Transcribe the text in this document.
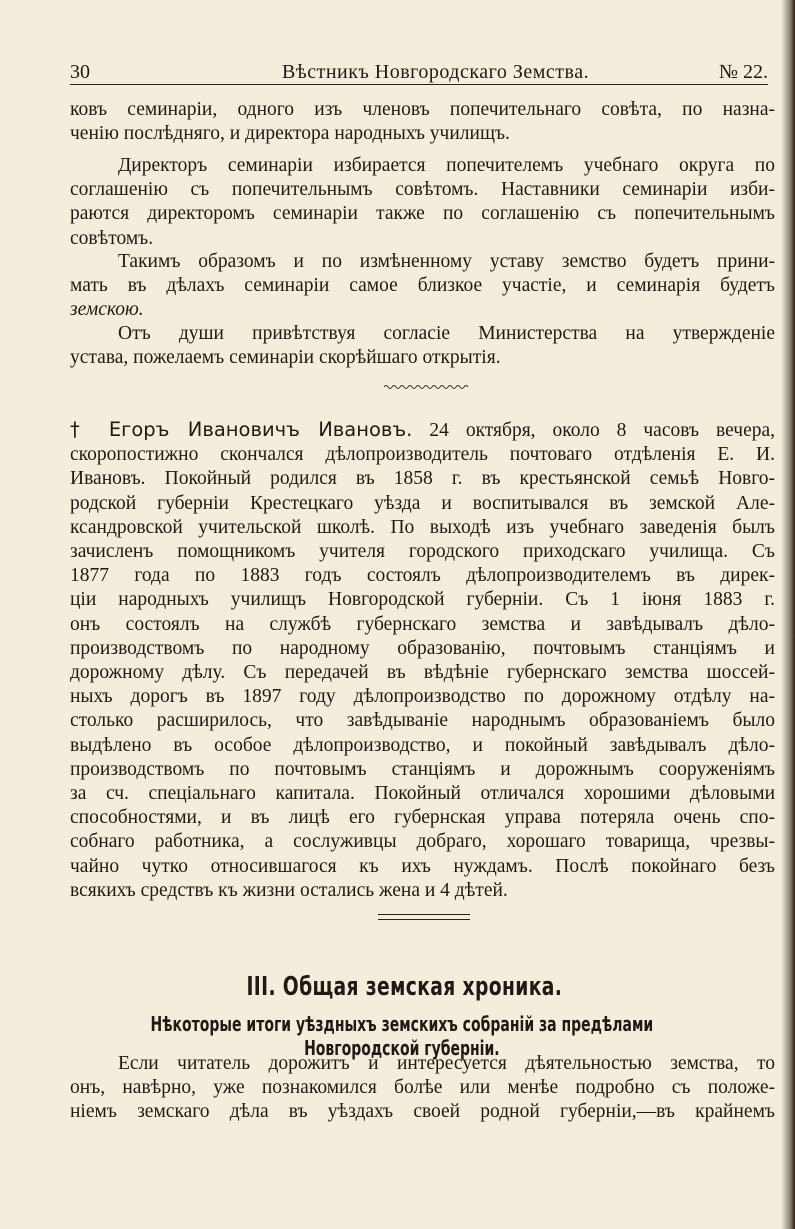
30	Вѣстникъ Новгородскаго Земства.	№ 22.
ковъ семинаріи, одного изъ членовъ попечительнаго совѣта, по назна-
ченію послѣдняго, и директора народныхъ училищъ.
Директоръ семинаріи избирается попечителемъ учебнаго округа по
соглашенію съ попечительнымъ совѣтомъ. Наставники семинаріи изби-
раются директоромъ семинаріи также по соглашенію съ попечительнымъ
совѣтомъ.
Такимъ образомъ и по измѣненному уставу земство будетъ прини-
мать въ дѣлахъ семинаріи самое близкое участіе, и семинарія будетъ
земскою.
Отъ души привѣтствуя согласіе Министерства на утвержденіе
устава, пожелаемъ семинаріи скорѣйшаго открытія.
† Егоръ Ивановичъ Ивановъ. 24 октября, около 8 часовъ вечера,
скоропостижно скончался дѣлопроизводитель почтоваго отдѣленія Е. И.
Ивановъ. Покойный родился въ 1858 г. въ крестьянской семьѣ Новго-
родской губерніи Крестецкаго уѣзда и воспитывался въ земской Але-
ксандровской учительской школѣ. По выходѣ изъ учебнаго заведенія былъ
зачисленъ помощникомъ учителя городского приходскаго училища. Съ
1877 года по 1883 годъ состоялъ дѣлопроизводителемъ въ дирек-
ціи народныхъ училищъ Новгородской губерніи. Съ 1 іюня 1883 г.
онъ состоялъ на службѣ губернскаго земства и завѣдывалъ дѣло-
производствомъ по народному образованію, почтовымъ станціямъ и
дорожному дѣлу. Съ передачей въ вѣдѣніе губернскаго земства шоссей-
ныхъ дорогъ въ 1897 году дѣлопроизводство по дорожному отдѣлу на-
столько расширилось, что завѣдываніе народнымъ образованіемъ было
выдѣлено въ особое дѣлопроизводство, и покойный завѣдывалъ дѣло-
производствомъ по почтовымъ станціямъ и дорожнымъ сооруженіямъ
за сч. спеціальнаго капитала. Покойный отличался хорошими дѣловыми
способностями, и въ лицѣ его губернская управа потеряла очень спо-
собнаго работника, а сослуживцы добраго, хорошаго товарища, чрезвы-
чайно чутко относившагося къ ихъ нуждамъ. Послѣ покойнаго безъ
всякихъ средствъ къ жизни остались жена и 4 дѣтей.
III. Общая земская хроника.
Нѣкоторые итоги уѣздныхъ земскихъ собраній за предѣлами Новгородской губерніи.
Если читатель дорожитъ и интересуется дѣятельностью земства, то
онъ, навѣрно, уже познакомился болѣе или менѣе подробно съ положе-
ніемъ земскаго дѣла въ уѣздахъ своей родной губерніи,—въ крайнемъ
